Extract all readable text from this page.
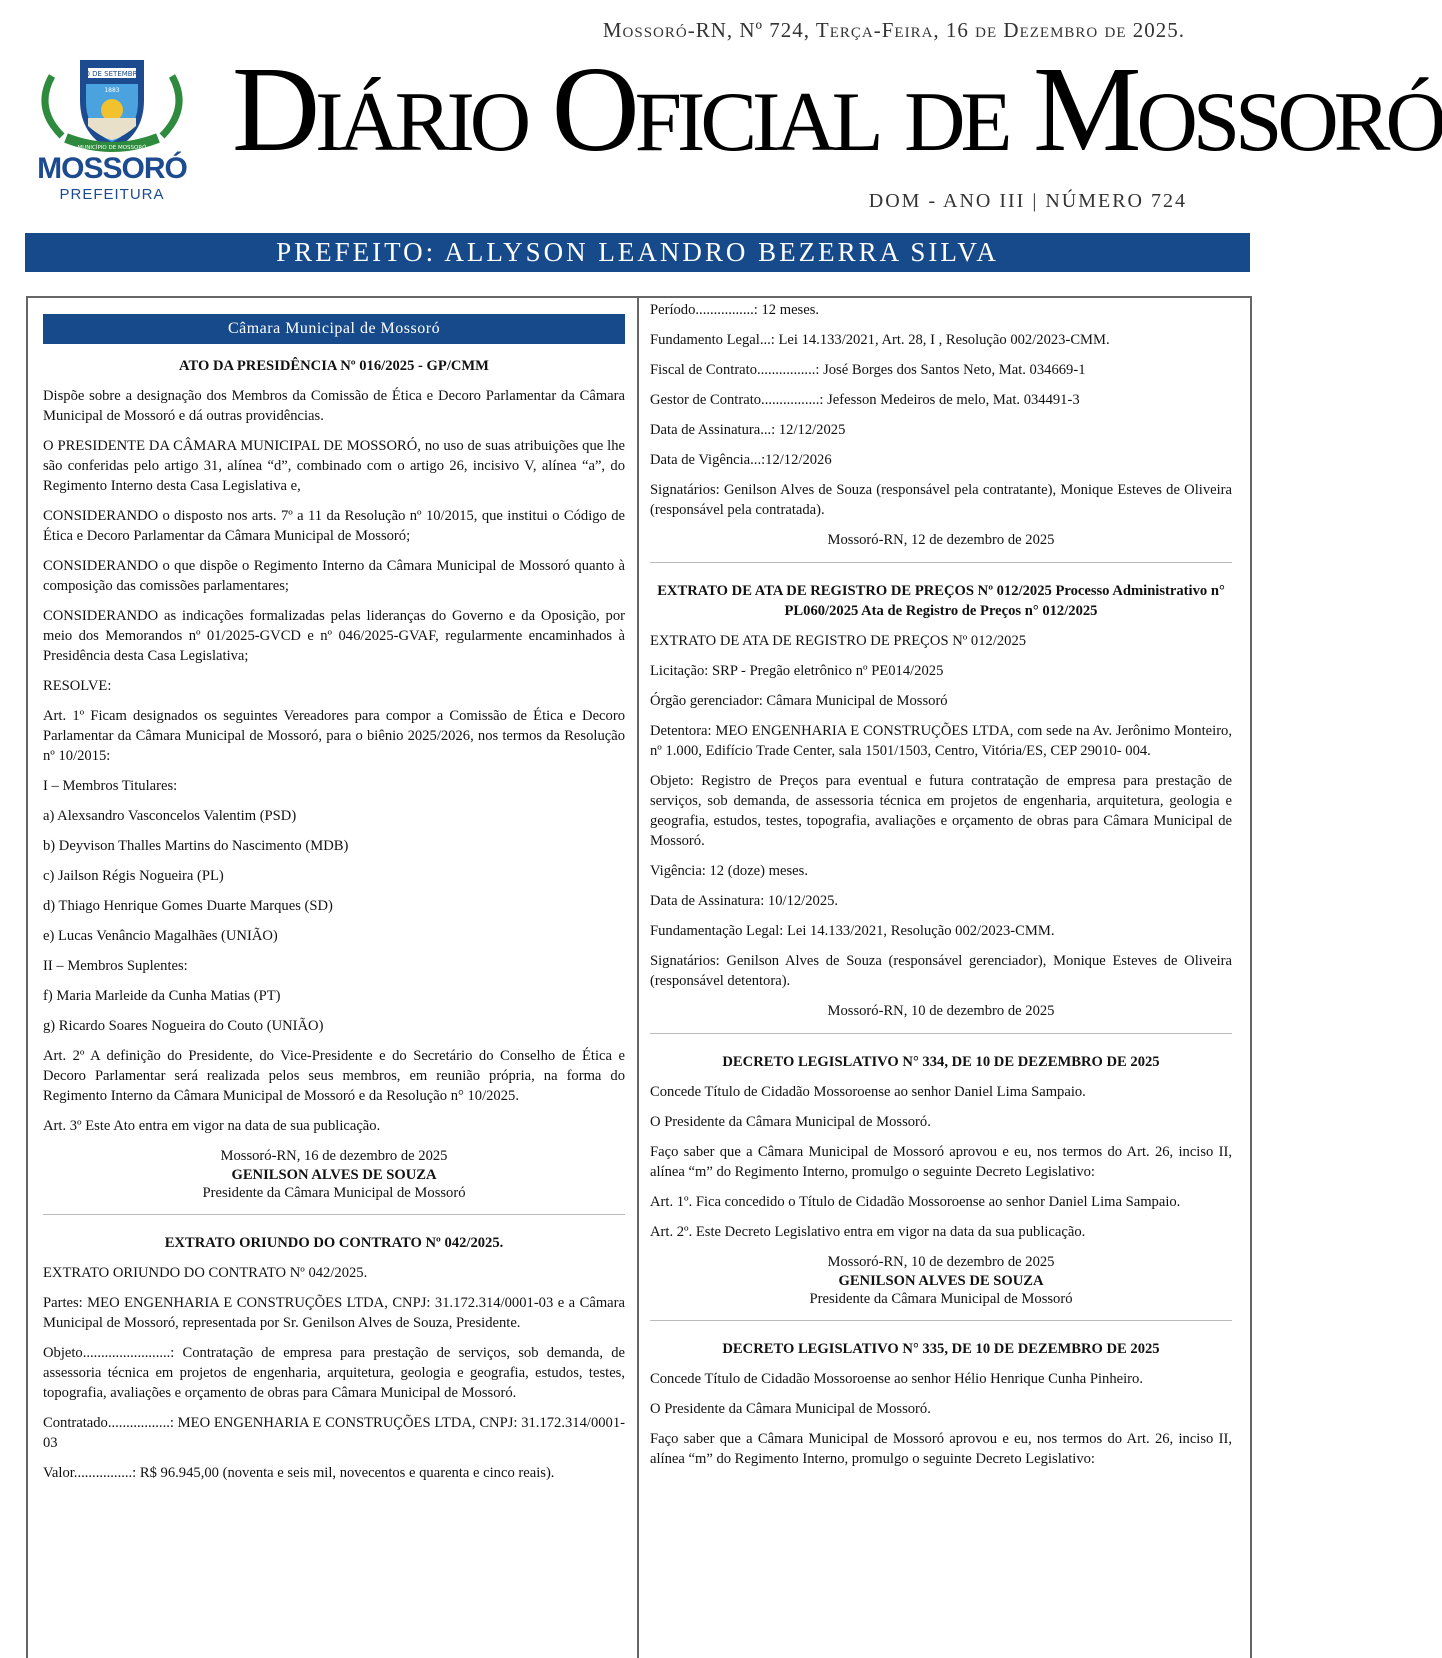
Mossoró-RN, Nº 724, Terça-Feira, 16 de Dezembro de 2025.
30 DE SETEMBRO
1883
MUNICÍPIO DE MOSSORÓ
MOSSORÓ
PREFEITURA
Diário Oficial de Mossoró
DOM - ANO III | NÚMERO 724
PREFEITO: ALLYSON LEANDRO BEZERRA SILVA
Câmara Municipal de Mossoró
ATO DA PRESIDÊNCIA Nº 016/2025 - GP/CMM

Dispõe sobre a designação dos Membros da Comissão de Ética e Decoro Parlamentar da Câmara Municipal de Mossoró e dá outras providências.

O PRESIDENTE DA CÂMARA MUNICIPAL DE MOSSORÓ, no uso de suas atribuições que lhe são conferidas pelo artigo 31, alínea “d”, combinado com o artigo 26, incisivo V, alínea “a”, do Regimento Interno desta Casa Legislativa e,

CONSIDERANDO o disposto nos arts. 7º a 11 da Resolução nº 10/2015, que institui o Código de Ética e Decoro Parlamentar da Câmara Municipal de Mossoró;

CONSIDERANDO o que dispõe o Regimento Interno da Câmara Municipal de Mossoró quanto à composição das comissões parlamentares;

CONSIDERANDO as indicações formalizadas pelas lideranças do Governo e da Oposição, por meio dos Memorandos nº 01/2025-GVCD e nº 046/2025-GVAF, regularmente encaminhados à Presidência desta Casa Legislativa;

RESOLVE:

Art. 1º Ficam designados os seguintes Vereadores para compor a Comissão de Ética e Decoro Parlamentar da Câmara Municipal de Mossoró, para o biênio 2025/2026, nos termos da Resolução nº 10/2015:

I – Membros Titulares:

a) Alexsandro Vasconcelos Valentim (PSD)

b) Deyvison Thalles Martins do Nascimento (MDB)

c) Jailson Régis Nogueira (PL)

d) Thiago Henrique Gomes Duarte Marques (SD)

e) Lucas Venâncio Magalhães (UNIÃO)

II – Membros Suplentes:

f) Maria Marleide da Cunha Matias (PT)

g) Ricardo Soares Nogueira do Couto (UNIÃO)

Art. 2º A definição do Presidente, do Vice-Presidente e do Secretário do Conselho de Ética e Decoro Parlamentar será realizada pelos seus membros, em reunião própria, na forma do Regimento Interno da Câmara Municipal de Mossoró e da Resolução n° 10/2025.

Art. 3º Este Ato entra em vigor na data de sua publicação.

Mossoró-RN, 16 de dezembro de 2025
GENILSON ALVES DE SOUZA
Presidente da Câmara Municipal de Mossoró
EXTRATO ORIUNDO DO CONTRATO Nº 042/2025.

EXTRATO ORIUNDO DO CONTRATO Nº 042/2025.

Partes: MEO ENGENHARIA E CONSTRUÇÕES LTDA, CNPJ: 31.172.314/0001-03 e a Câmara Municipal de Mossoró, representada por Sr. Genilson Alves de Souza, Presidente.

Objeto........................: Contratação de empresa para prestação de serviços, sob demanda, de assessoria técnica em projetos de engenharia, arquitetura, geologia e geografia, estudos, testes, topografia, avaliações e orçamento de obras para Câmara Municipal de Mossoró.

Contratado.................: MEO ENGENHARIA E CONSTRUÇÕES LTDA, CNPJ: 31.172.314/0001-03

Valor................: R$ 96.945,00 (noventa e seis mil, novecentos e quarenta e cinco reais).

Período................: 12 meses.

Fundamento Legal...: Lei 14.133/2021, Art. 28, I , Resolução 002/2023-CMM.

Fiscal de Contrato................: José Borges dos Santos Neto, Mat. 034669-1

Gestor de Contrato................: Jefesson Medeiros de melo, Mat. 034491-3

Data de Assinatura...: 12/12/2025

Data de Vigência...:12/12/2026

Signatários: Genilson Alves de Souza (responsável pela contratante), Monique Esteves de Oliveira (responsável pela contratada).

Mossoró-RN, 12 de dezembro de 2025
EXTRATO DE ATA DE REGISTRO DE PREÇOS Nº 012/2025 Processo Administrativo n° PL060/2025 Ata de Registro de Preços n° 012/2025

EXTRATO DE ATA DE REGISTRO DE PREÇOS Nº 012/2025

Licitação: SRP - Pregão eletrônico nº PE014/2025

Órgão gerenciador: Câmara Municipal de Mossoró

Detentora: MEO ENGENHARIA E CONSTRUÇÕES LTDA, com sede na Av. Jerônimo Monteiro, nº 1.000, Edifício Trade Center, sala 1501/1503, Centro, Vitória/ES, CEP 29010- 004.

Objeto: Registro de Preços para eventual e futura contratação de empresa para prestação de serviços, sob demanda, de assessoria técnica em projetos de engenharia, arquitetura, geologia e geografia, estudos, testes, topografia, avaliações e orçamento de obras para Câmara Municipal de Mossoró.

Vigência: 12 (doze) meses.

Data de Assinatura: 10/12/2025.

Fundamentação Legal: Lei 14.133/2021, Resolução 002/2023-CMM.

Signatários: Genilson Alves de Souza (responsável gerenciador), Monique Esteves de Oliveira (responsável detentora).

Mossoró-RN, 10 de dezembro de 2025
DECRETO LEGISLATIVO N° 334, DE 10 DE DEZEMBRO DE 2025

Concede Título de Cidadão Mossoroense ao senhor Daniel Lima Sampaio.

O Presidente da Câmara Municipal de Mossoró.

Faço saber que a Câmara Municipal de Mossoró aprovou e eu, nos termos do Art. 26, inciso II, alínea “m” do Regimento Interno, promulgo o seguinte Decreto Legislativo:

Art. 1º. Fica concedido o Título de Cidadão Mossoroense ao senhor Daniel Lima Sampaio.

Art. 2º. Este Decreto Legislativo entra em vigor na data da sua publicação.

Mossoró-RN, 10 de dezembro de 2025
GENILSON ALVES DE SOUZA
Presidente da Câmara Municipal de Mossoró
DECRETO LEGISLATIVO N° 335, DE 10 DE DEZEMBRO DE 2025

Concede Título de Cidadão Mossoroense ao senhor Hélio Henrique Cunha Pinheiro.

O Presidente da Câmara Municipal de Mossoró.

Faço saber que a Câmara Municipal de Mossoró aprovou e eu, nos termos do Art. 26, inciso II, alínea “m” do Regimento Interno, promulgo o seguinte Decreto Legislativo:
